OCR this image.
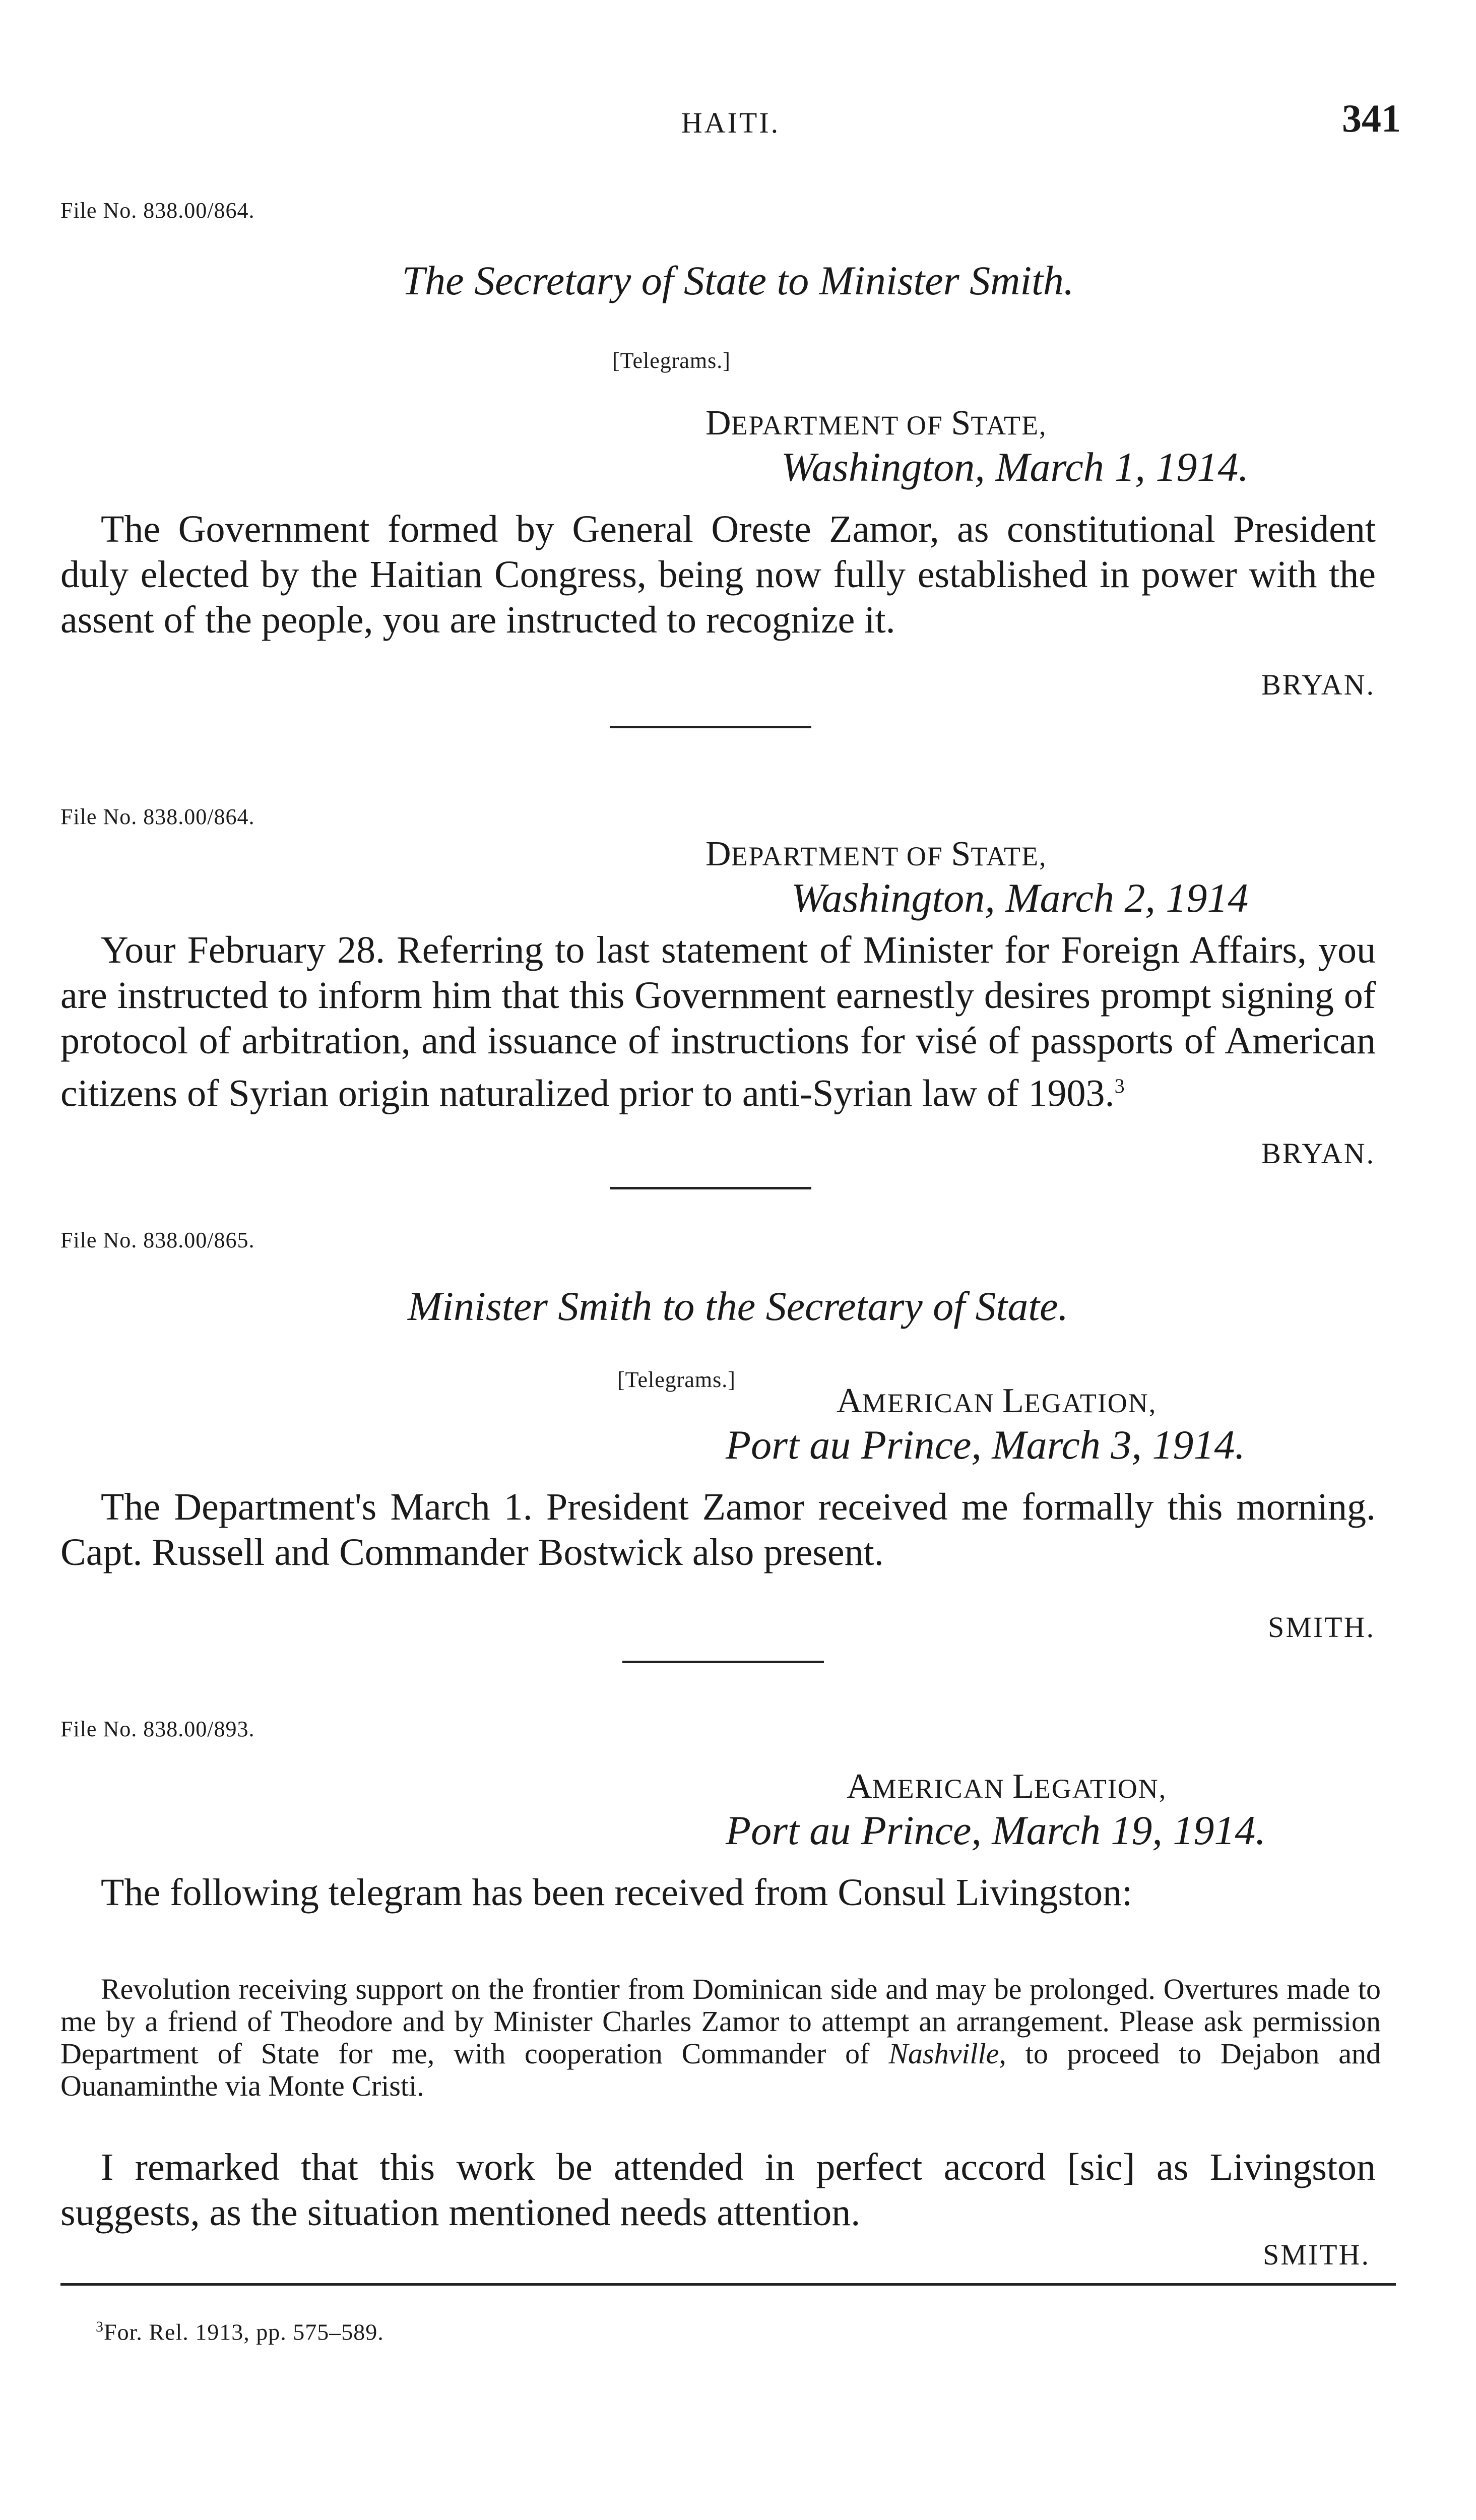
HAITI.	341
File No. 838.00/864.
The Secretary of State to Minister Smith.
[Telegrams.]
DEPARTMENT OF STATE,
Washington, March 1, 1914.

The Government formed by General Oreste Zamor, as constitutional President duly elected by the Haitian Congress, being now fully established in power with the assent of the people, you are instructed to recognize it.

BRYAN.
File No. 838.00/864.
DEPARTMENT OF STATE,
Washington, March 2, 1914

Your February 28. Referring to last statement of Minister for Foreign Affairs, you are instructed to inform him that this Government earnestly desires prompt signing of protocol of arbitration, and issuance of instructions for visé of passports of American citizens of Syrian origin naturalized prior to anti-Syrian law of 1903.$^3$

BRYAN.
File No. 838.00/865.
Minister Smith to the Secretary of State.
[Telegrams.]
AMERICAN LEGATION,
Port au Prince, March 3, 1914.

The Department's March 1. President Zamor received me formally this morning. Capt. Russell and Commander Bostwick also present.

SMITH.
File No. 838.00/893.
AMERICAN LEGATION,
Port au Prince, March 19, 1914.

The following telegram has been received from Consul Livingston:

Revolution receiving support on the frontier from Dominican side and may be prolonged. Overtures made to me by a friend of Theodore and by Minister Charles Zamor to attempt an arrangement. Please ask permission Department of State for me, with cooperation Commander of Nashville, to proceed to Dejabon and Ouanaminthe via Monte Cristi.

I remarked that this work be attended in perfect accord [sic] as Livingston suggests, as the situation mentioned needs attention.

SMITH.
$^3$For. Rel. 1913, pp. 575–589.
